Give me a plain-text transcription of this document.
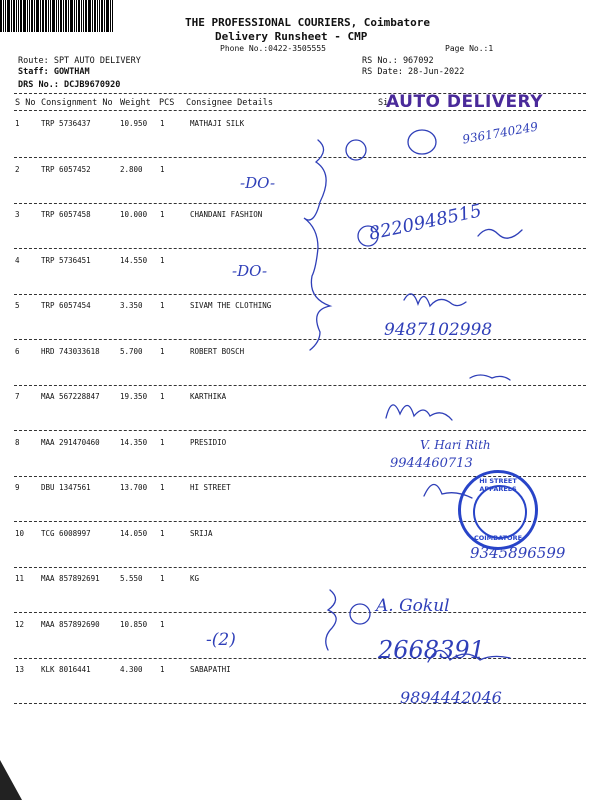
THE PROFESSIONAL COURIERS, Coimbatore
Delivery Runsheet - CMP
Phone No.:0422-3505555	Page No.:1
Route: SPT AUTO DELIVERY
Staff: GOWTHAM
DRS No.: DCJB9670920
RS No.: 967092
RS Date: 28-Jun-2022
S No Consignment No Weight PCS Consignee Details	Si
AUTO DELIVERY
1	TRP 5736437	10.950 1	MATHAJI SILK
2	TRP 6057452	2.800 1
3	TRP 6057458	10.000 1	CHANDANI FASHION
4	TRP 5736451	14.550 1
5	TRP 6057454	3.350 1	SIVAM THE CLOTHING
6	HRD 743033618	5.700 1	ROBERT BOSCH
7	MAA 567228847	19.350 1	KARTHIKA
8	MAA 291470460	14.350 1	PRESIDIO
9	DBU 1347561	13.700 1	HI STREET
10 TCG 6008997	14.050 1	SRIJA
11 MAA 857892691	5.550 1	KG
12 MAA 857892690	10.850 1
13 KLK 8016441	4.300 1	SABAPATHI
-DO-
-DO-
9361740249
8220948515
9487102998
V. Hari Rith
9944460713
9345896599
A. Gokul
2668391
-(2)
9894442046
HI STREET APPARELS
COIMBATORE
